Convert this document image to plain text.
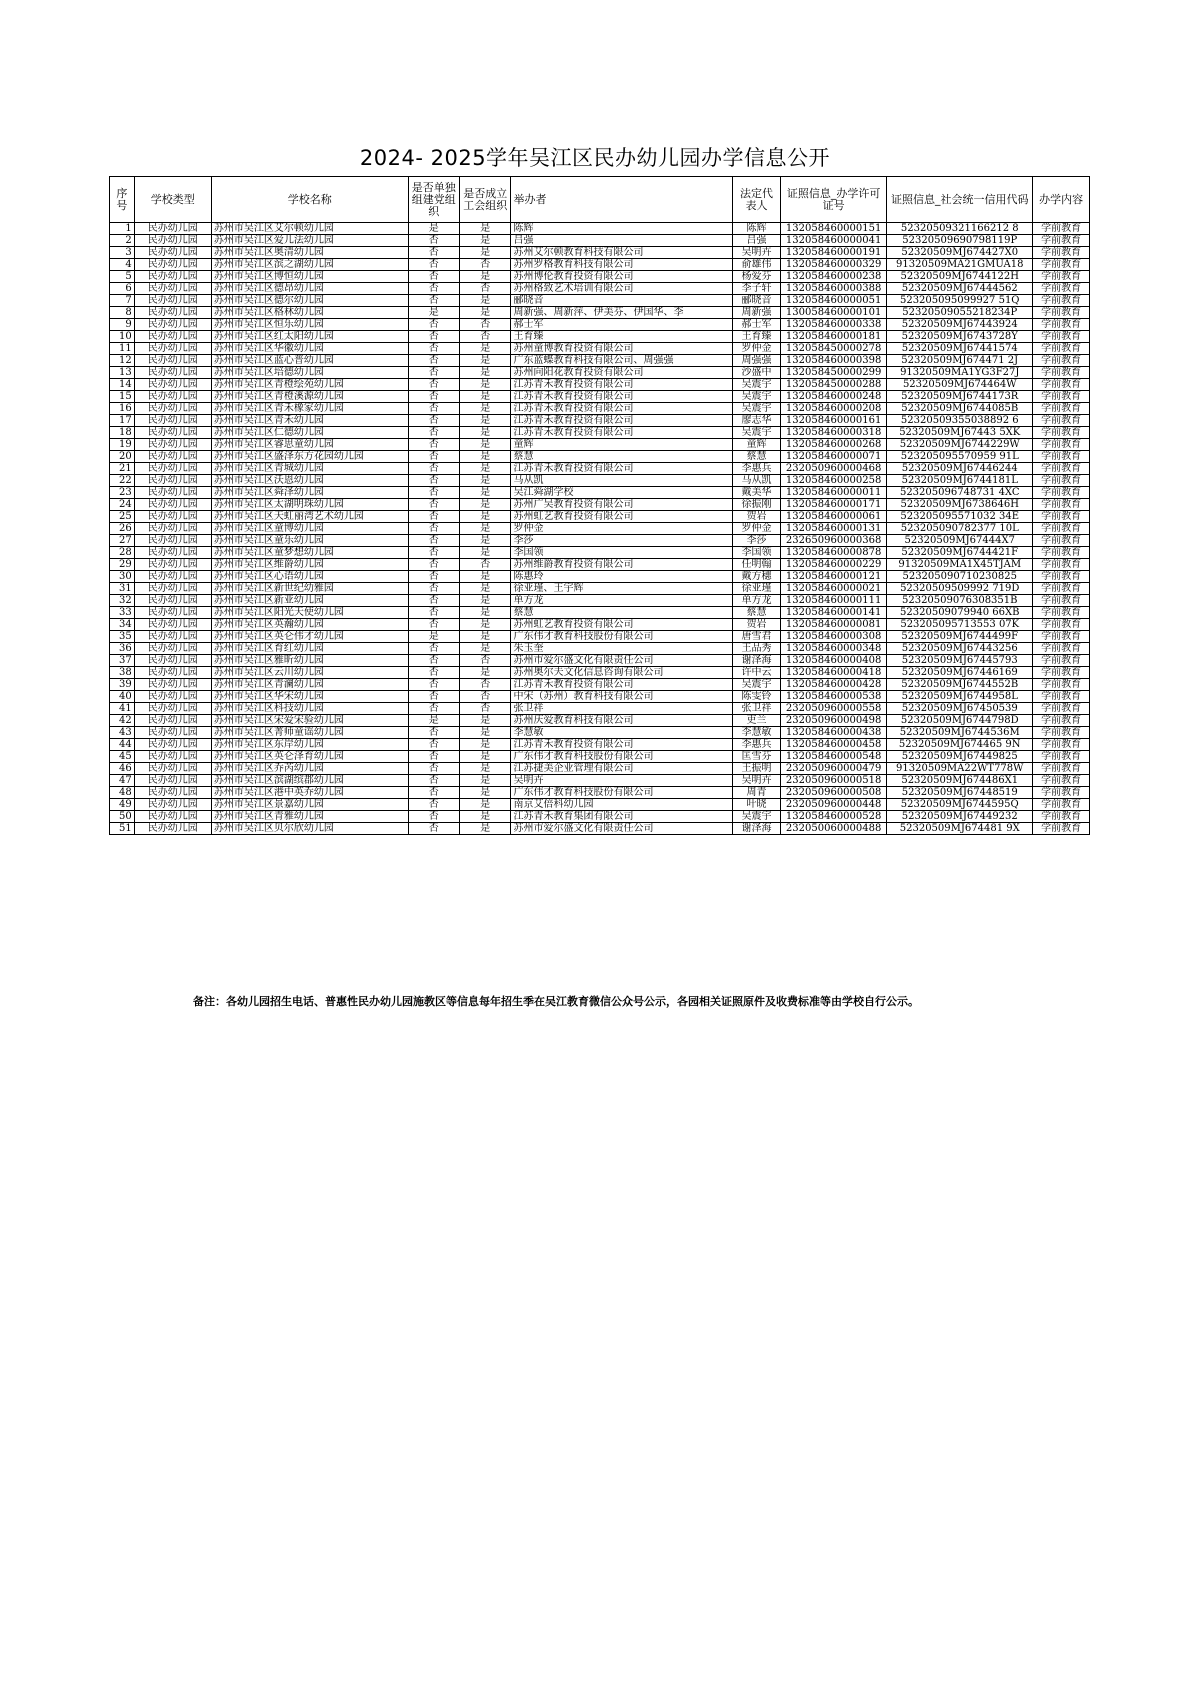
2024- 2025学年吴江区民办幼儿园办学信息公开
序号	学校类型	学校名称	是否单独组建党组织	是否成立工会组织	举办者	法定代表人	证照信息_办学许可证号	证照信息_社会统一信用代码	办学内容
1	民办幼儿园	苏州市吴江区艾尔顿幼儿园	是	是	陈辉	陈辉	132058460000151	52320509321166212 8	学前教育
2	民办幼儿园	苏州市吴江区爱儿法幼儿园	否	是	吕强	吕强	132058460000041	52320509690798119P	学前教育
3	民办幼儿园	苏州市吴江区奥清幼儿园	否	是	苏州艾尔顿教育科技有限公司	吴明卉	132058460000191	52320509MJ674427X0	学前教育
4	民办幼儿园	苏州市吴江区滨之湖幼儿园	否	否	苏州罗格教育科技有限公司	俞雄伟	132058460000329	91320509MA21GMUA18	学前教育
5	民办幼儿园	苏州市吴江区博恒幼儿园	否	是	苏州博伦教育投资有限公司	杨爱芬	132058460000238	52320509MJ6744122H	学前教育
6	民办幼儿园	苏州市吴江区德昂幼儿园	否	否	苏州格致艺术培训有限公司	李子轩	132058460000388	52320509MJ67444562	学前教育
7	民办幼儿园	苏州市吴江区德尔幼儿园	否	是	郦晓音	郦晓音	132058460000051	523205095099927 51Q	学前教育
8	民办幼儿园	苏州市吴江区格林幼儿园	是	是	周新强、周新萍、伊美芬、伊国华、李	周新强	130058460000101	52320509055218234P	学前教育
9	民办幼儿园	苏州市吴江区恒乐幼儿园	否	否	郝士军	郝士军	132058460000338	52320509MJ67443924	学前教育
10	民办幼儿园	苏州市吴江区红太阳幼儿园	否	否	王育臻	王育臻	132058460000181	52320509MJ6743728Y	学前教育
11	民办幼儿园	苏州市吴江区华徽幼儿园	否	是	苏州童博教育投资有限公司	罗仲金	132058450000278	52320509MJ67441574	学前教育
12	民办幼儿园	苏州市吴江区蓝心普幼儿园	否	是	广东蓝蝶教育科技有限公司、周强强	周强强	132058460000398	52320509MJ674471 2J	学前教育
13	民办幼儿园	苏州市吴江区培德幼儿园	否	是	苏州向阳花教育投资有限公司	沙盛中	132058450000299	91320509MA1YG3F27J	学前教育
14	民办幼儿园	苏州市吴江区青橙绘苑幼儿园	否	是	江苏青禾教育投资有限公司	吴震宇	132058450000288	52320509MJ674464W	学前教育
15	民办幼儿园	苏州市吴江区青橙溪源幼儿园	否	是	江苏青禾教育投资有限公司	吴震宇	132058460000248	52320509MJ6744173R	学前教育
16	民办幼儿园	苏州市吴江区青禾橡家幼儿园	否	是	江苏青禾教育投资有限公司	吴震宇	132058460000208	52320509MJ6744085B	学前教育
17	民办幼儿园	苏州市吴江区青禾幼儿园	否	是	江苏青禾教育投资有限公司	廖志华	132058460000161	52320509355038892 6	学前教育
18	民办幼儿园	苏州市吴江区仁德幼儿园	否	是	江苏青禾教育投资有限公司	吴震宇	132058460000318	52320509MJ67443 5XK	学前教育
19	民办幼儿园	苏州市吴江区睿思童幼儿园	否	是	童辉	童辉	132058460000268	52320509MJ6744229W	学前教育
20	民办幼儿园	苏州市吴江区盛泽东方花园幼儿园	否	是	蔡慧	蔡慧	132058460000071	523205095570959 91L	学前教育
21	民办幼儿园	苏州市吴江区青城幼儿园	否	是	江苏青禾教育投资有限公司	李惠兵	232050960000468	52320509MJ67446244	学前教育
22	民办幼儿园	苏州市吴江区沃恩幼儿园	否	是	马从凯	马从凯	132058460000258	52320509MJ6744181L	学前教育
23	民办幼儿园	苏州市吴江区舜泽幼儿园	否	是	吴江舜湖学校	戴美华	132058460000011	523205096748731 4XC	学前教育
24	民办幼儿园	苏州市吴江区太湖明珠幼儿园	否	是	苏州广吴教育投资有限公司	徐振刚	132058460000171	52320509MJ6738646H	学前教育
25	民办幼儿园	苏州市吴江区天虹丽湾艺术幼儿园	否	是	苏州虹艺教育投资有限公司	贺岩	132058460000061	523205095571032 34E	学前教育
26	民办幼儿园	苏州市吴江区童博幼儿园	否	是	罗仲金	罗仲金	132058460000131	523205090782377 10L	学前教育
27	民办幼儿园	苏州市吴江区童乐幼儿园	否	是	李莎	李莎	232650960000368	52320509MJ67444X7	学前教育
28	民办幼儿园	苏州市吴江区童梦想幼儿园	否	是	李国领	李国领	132058460000878	52320509MJ6744421F	学前教育
29	民办幼儿园	苏州市吴江区维爵幼儿园	否	否	苏州维爵教育投资有限公司	任明翰	132058460000229	91320509MA1X45TJAM	学前教育
30	民办幼儿园	苏州市吴江区心语幼儿园	否	是	陈惠玲	戴方穗	132058460000121	523205090710230825	学前教育
31	民办幼儿园	苏州市吴江区新世纪幼雅园	否	是	徐亚瑾、王宇辉	徐亚瑾	132058460000021	52320509509992 719D	学前教育
32	民办幼儿园	苏州市吴江区新亚幼儿园	否	是	单方龙	单方龙	132058460000111	52320509076308351B	学前教育
33	民办幼儿园	苏州市吴江区阳光天使幼儿园	否	是	蔡慧	蔡慧	132058460000141	52320509079940 66XB	学前教育
34	民办幼儿园	苏州市吴江区英瀚幼儿园	否	是	苏州虹艺教育投资有限公司	贺岩	132058460000081	523205095713553 07K	学前教育
35	民办幼儿园	苏州市吴江区英仑伟才幼儿园	是	是	广东伟才教育科技股份有限公司	唐雪君	132058460000308	52320509MJ6744499F	学前教育
36	民办幼儿园	苏州市吴江区育红幼儿园	否	是	朱玉奎	王品秀	132058460000348	52320509MJ67443256	学前教育
37	民办幼儿园	苏州市吴江区雅昕幼儿园	否	否	苏州市爱尔盛文化有限责任公司	谢泽海	132058460000408	52320509MJ67445793	学前教育
38	民办幼儿园	苏州市吴江区云川幼儿园	否	是	苏州奥尔夫文化信息咨询有限公司	许中云	132058460000418	52320509MJ67446169	学前教育
39	民办幼儿园	苏州市吴江区青澜幼儿园	否	否	江苏青禾教育投资有限公司	吴震宇	132058460000428	52320509MJ6744552B	学前教育
40	民办幼儿园	苏州市吴江区华宋幼儿园	否	否	中宋（苏州）教育科技有限公司	陈雯铃	132058460000538	52320509MJ6744958L	学前教育
41	民办幼儿园	苏州市吴江区科技幼儿园	否	否	张卫祥	张卫祥	232050960000558	52320509MJ67450539	学前教育
42	民办幼儿园	苏州市吴江区宋爱宋验幼儿园	是	是	苏州庆爱教育科技有限公司	吏兰	232050960000498	52320509MJ6744798D	学前教育
43	民办幼儿园	苏州市吴江区菁师童谣幼儿园	否	是	李慧敏	李慧敏	132058460000438	52320509MJ6744536M	学前教育
44	民办幼儿园	苏州市吴江区东岸幼儿园	否	是	江苏青禾教育投资有限公司	李惠兵	132058460000458	52320509MJ674465 9N	学前教育
45	民办幼儿园	苏州市吴江区英仑泽育幼儿园	否	是	广东伟才教育科技股份有限公司	匡雪芬	132058460000548	52320509MJ67449825	学前教育
46	民办幼儿园	苏州市吴江区乔芮幼儿园	否	是	江苏捷美企业管理有限公司	王振明	232050960000479	91320509MA22WT778W	学前教育
47	民办幼儿园	苏州市吴江区滨湖缤郡幼儿园	否	是	吴明卉	吴明卉	232050960000518	52320509MJ674486X1	学前教育
48	民办幼儿园	苏州市吴江区港中英乔幼儿园	否	是	广东伟才教育科技股份有限公司	周青	232050960000508	52320509MJ67448519	学前教育
49	民办幼儿园	苏州市吴江区景嘉幼儿园	否	是	南京艾倍科幼儿园	叶晓	232050960000448	52320509MJ6744595Q	学前教育
50	民办幼儿园	苏州市吴江区青雅幼儿园	否	是	江苏青禾教育集团有限公司	吴震宇	132058460000528	52320509MJ67449232	学前教育
51	民办幼儿园	苏州市吴江区贝尔欣幼儿园	否	是	苏州市爱尔盛文化有限责任公司	谢泽海	232050060000488	52320509MJ674481 9X	学前教育

备注：各幼儿园招生电话、普惠性民办幼儿园施教区等信息每年招生季在吴江教育微信公众号公示，各园相关证照原件及收费标准等由学校自行公示。
